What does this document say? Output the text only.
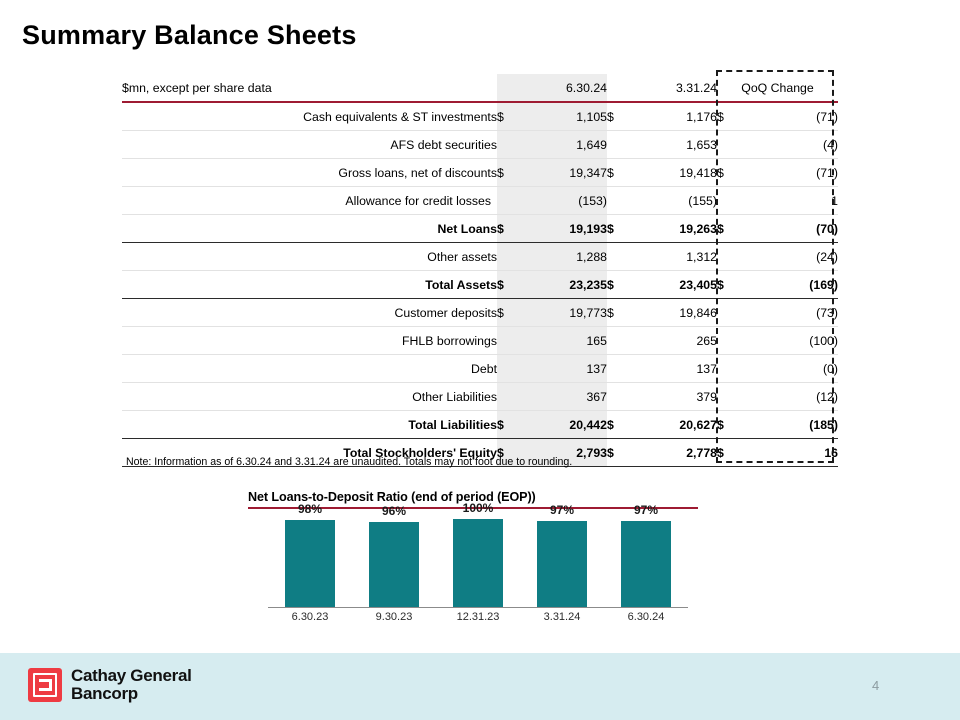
Summary Balance Sheets
$mn, except per share data		6.30.24		3.31.24	QoQ Change	
Cash equivalents & ST investments	$	1,105	$	1,176	$	(71)
AFS debt securities		1,649		1,653		(4)
Gross loans, net of discounts	$	19,347	$	19,418	$	(71)
Allowance for credit losses		(153)		(155)		1
Net Loans	$	19,193	$	19,263	$	(70)
Other assets		1,288		1,312		(24)
Total Assets	$	23,235	$	23,405	$	(169)
Customer deposits	$	19,773	$	19,846		(73)
FHLB borrowings		165		265		(100)
Debt		137		137		(0)
Other Liabilities		367		379		(12)
Total Liabilities	$	20,442	$	20,627	$	(185)
Total Stockholders' Equity	$	2,793	$	2,778	$	16
Note: Information as of 6.30.24 and 3.31.24 are unaudited. Totals may not foot due to rounding.
Net Loans-to-Deposit Ratio (end of period (EOP))
6.30.23	9.30.23	12.31.23	3.31.24	6.30.24
98%	96%	100%	97%	97%
Cathay General
Bancorp	4
